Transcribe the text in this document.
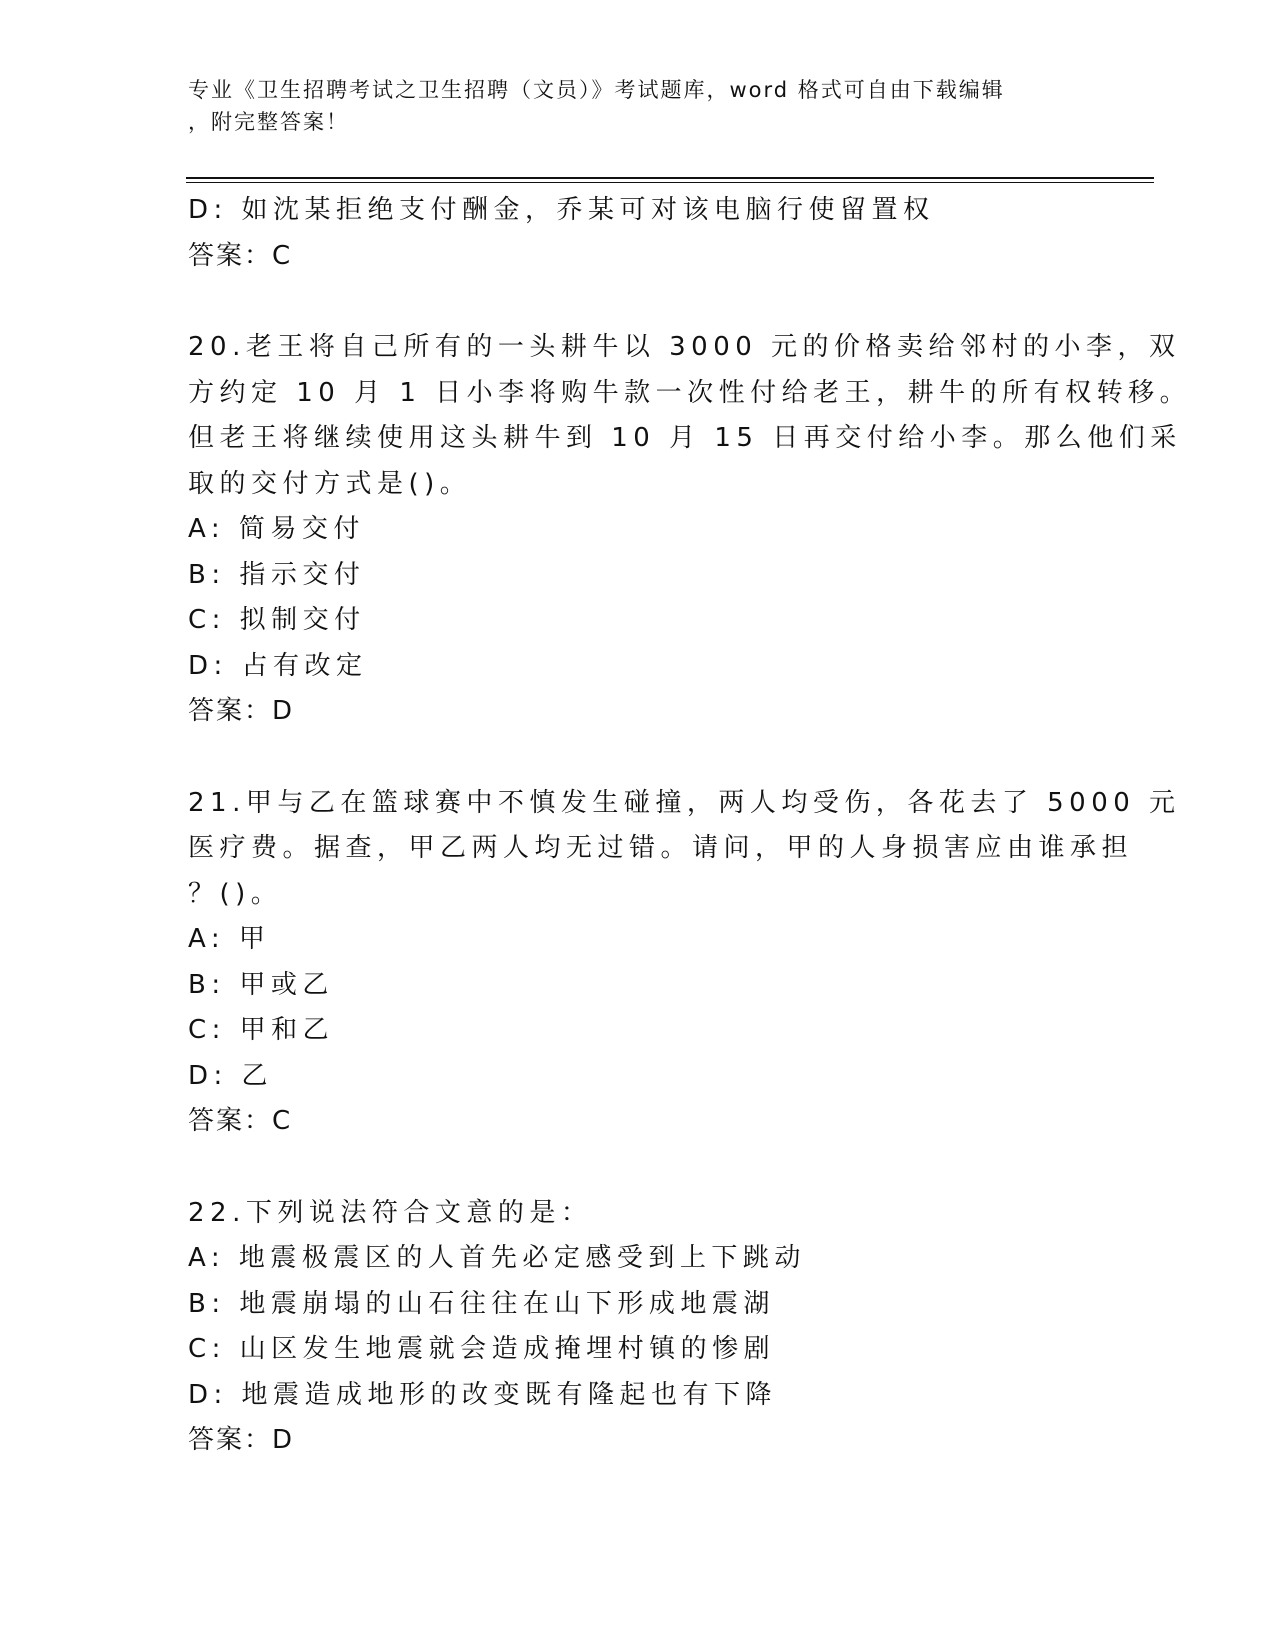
专业《卫生招聘考试之卫生招聘（文员）》考试题库，word 格式可自由下载编辑
，附完整答案！
D: 如沈某拒绝支付酬金，乔某可对该电脑行使留置权
答案：C
20.老王将自己所有的一头耕牛以 3000 元的价格卖给邻村的小李，双
方约定 10 月 1 日小李将购牛款一次性付给老王，耕牛的所有权转移。
但老王将继续使用这头耕牛到 10 月 15 日再交付给小李。那么他们采
取的交付方式是()。
A: 简易交付
B: 指示交付
C: 拟制交付
D: 占有改定
答案：D
21.甲与乙在篮球赛中不慎发生碰撞，两人均受伤，各花去了 5000 元
医疗费。据查，甲乙两人均无过错。请问，甲的人身损害应由谁承担
？()。
A: 甲
B: 甲或乙
C: 甲和乙
D: 乙
答案：C
22.下列说法符合文意的是：
A: 地震极震区的人首先必定感受到上下跳动
B: 地震崩塌的山石往往在山下形成地震湖
C: 山区发生地震就会造成掩埋村镇的惨剧
D: 地震造成地形的改变既有隆起也有下降
答案：D
